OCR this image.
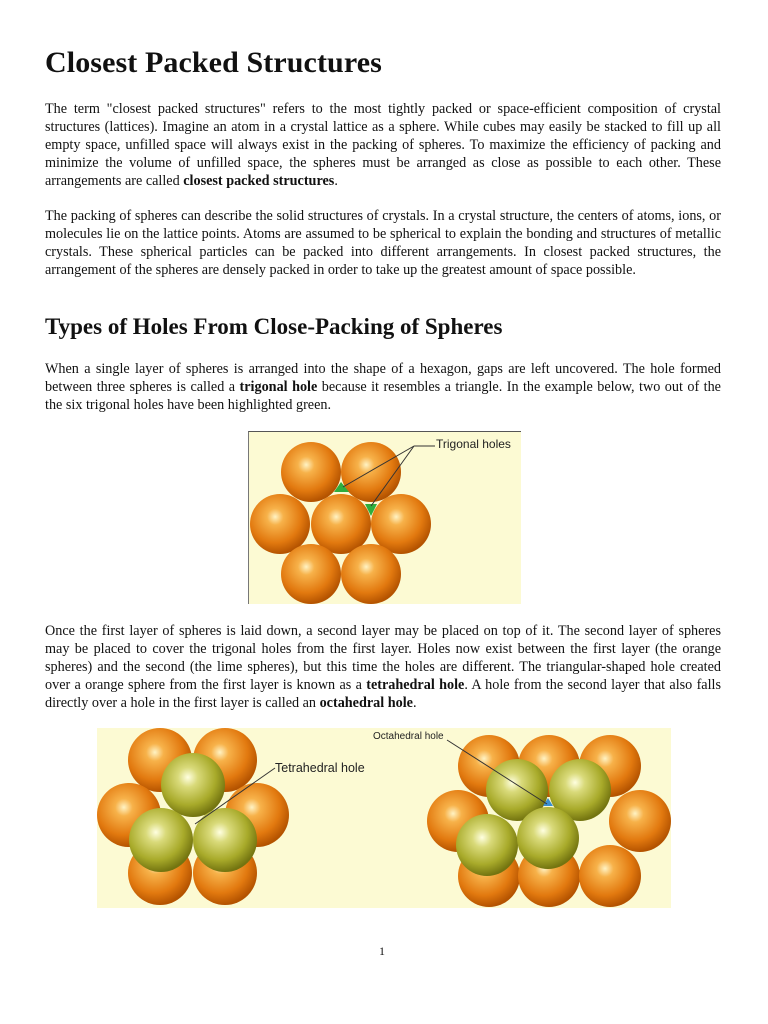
Closest Packed Structures

The term "closest packed structures" refers to the most tightly packed or space-efficient composition of crystal structures (lattices). Imagine an atom in a crystal lattice as a sphere. While cubes may easily be stacked to fill up all empty space, unfilled space will always exist in the packing of spheres. To maximize the efficiency of packing and minimize the volume of unfilled space, the spheres must be arranged as close as possible to each other. These arrangements are called closest packed structures.

The packing of spheres can describe the solid structures of crystals. In a crystal structure, the centers of atoms, ions, or molecules lie on the lattice points. Atoms are assumed to be spherical to explain the bonding and structures of metallic crystals. These spherical particles can be packed into different arrangements. In closest packed structures, the arrangement of the spheres are densely packed in order to take up the greatest amount of space possible.

Types of Holes From Close-Packing of Spheres

When a single layer of spheres is arranged into the shape of a hexagon, gaps are left uncovered. The hole formed between three spheres is called a trigonal hole because it resembles a triangle. In the example below, two out of the the six trigonal holes have been highlighted green.

Trigonal holes

Once the first layer of spheres is laid down, a second layer may be placed on top of it. The second layer of spheres may be placed to cover the trigonal holes from the first layer. Holes now exist between the first layer (the orange spheres) and the second (the lime spheres), but this time the holes are different. The triangular-shaped hole created over a orange sphere from the first layer is known as a tetrahedral hole. A hole from the second layer that also falls directly over a hole in the first layer is called an octahedral hole.

Tetrahedral hole
Octahedral hole
1
